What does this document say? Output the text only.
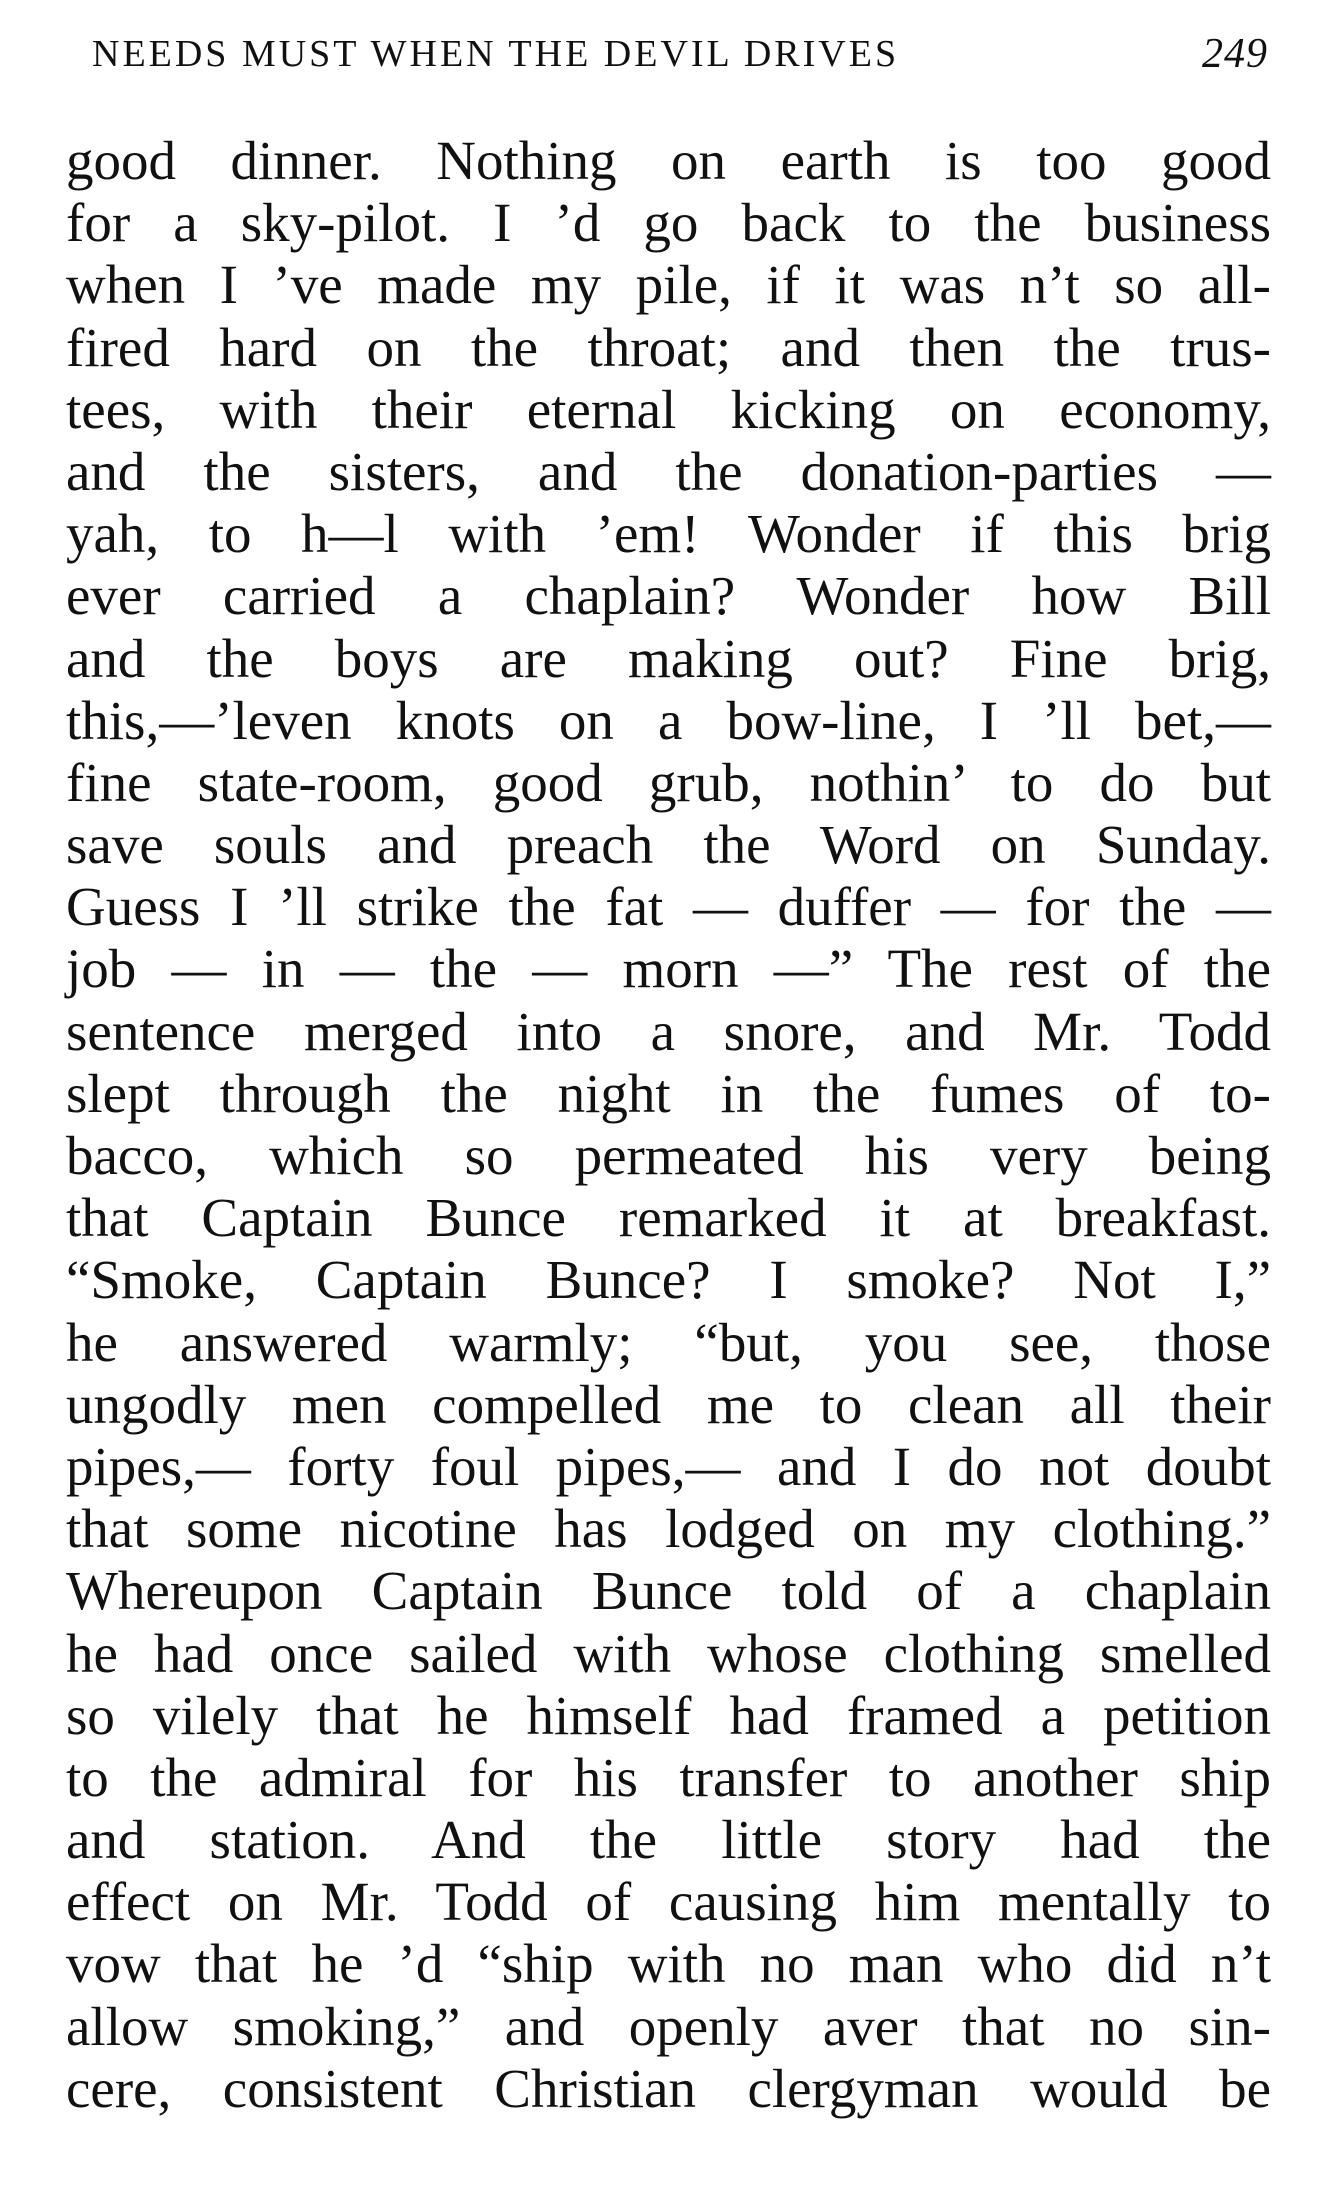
NEEDS MUST WHEN THE DEVIL DRIVES	249
good dinner. Nothing on earth is too good
for a sky-pilot. I ’d go back to the business
when I ’ve made my pile, if it was n’t so all-
fired hard on the throat; and then the trus-
tees, with their eternal kicking on economy,
and the sisters, and the donation-parties —
yah, to h—l with ’em! Wonder if this brig
ever carried a chaplain? Wonder how Bill
and the boys are making out? Fine brig,
this,—’leven knots on a bow-line, I ’ll bet,—
fine state-room, good grub, nothin’ to do but
save souls and preach the Word on Sunday.
Guess I ’ll strike the fat — duffer — for the —
job — in — the — morn —” The rest of the
sentence merged into a snore, and Mr. Todd
slept through the night in the fumes of to-
bacco, which so permeated his very being
that Captain Bunce remarked it at breakfast.
“Smoke, Captain Bunce? I smoke? Not I,”
he answered warmly; “but, you see, those
ungodly men compelled me to clean all their
pipes,— forty foul pipes,— and I do not doubt
that some nicotine has lodged on my clothing.”
Whereupon Captain Bunce told of a chaplain
he had once sailed with whose clothing smelled
so vilely that he himself had framed a petition
to the admiral for his transfer to another ship
and station. And the little story had the
effect on Mr. Todd of causing him mentally to
vow that he ’d “ship with no man who did n’t
allow smoking,” and openly aver that no sin-
cere, consistent Christian clergyman would be
